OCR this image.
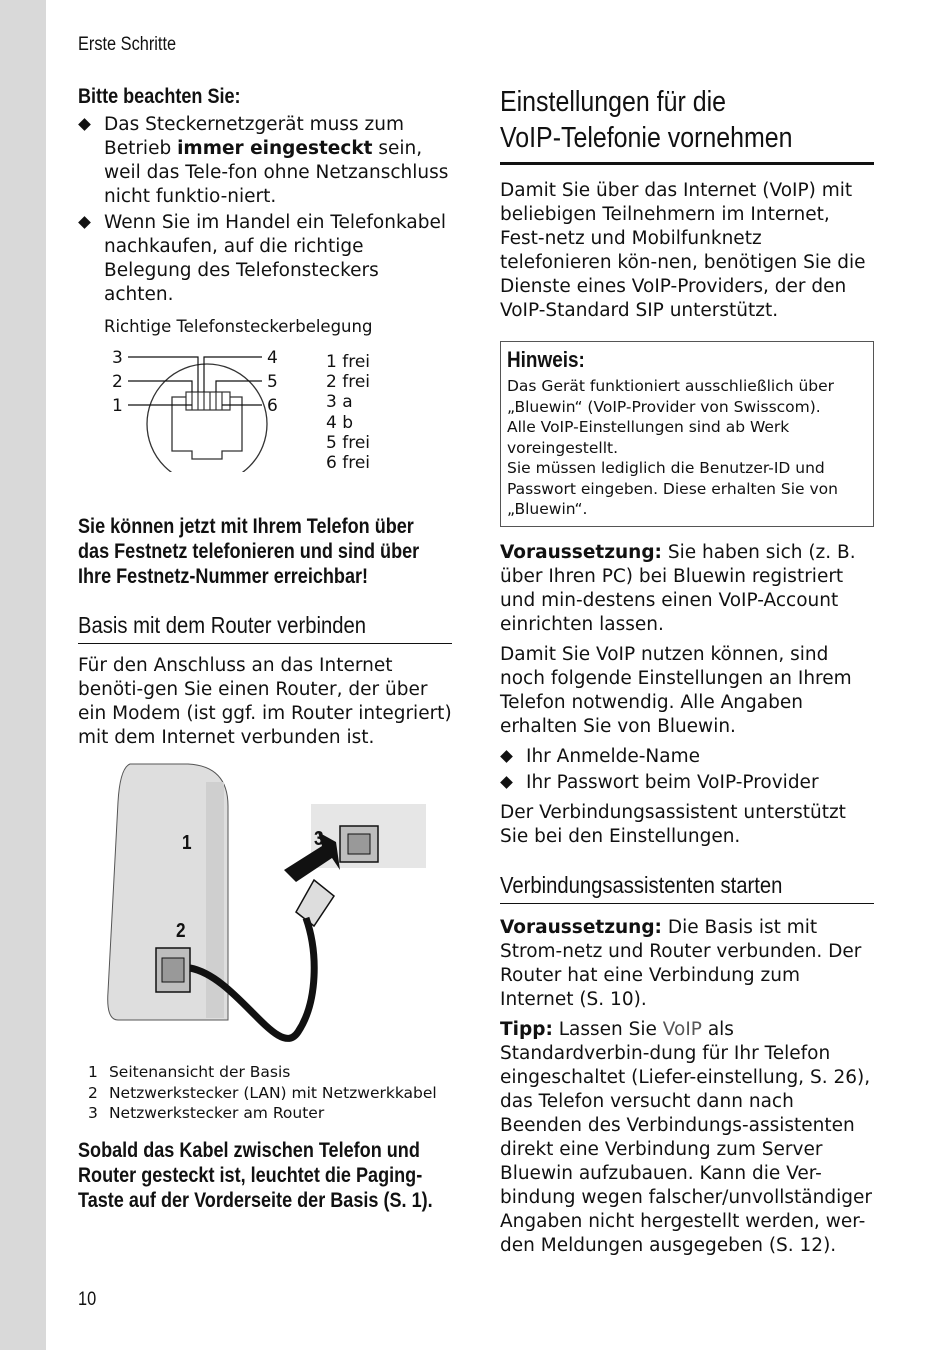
Erste Schritte
Bitte beachten Sie:
Das Steckernetzgerät muss zum Betrieb immer eingesteckt sein, weil das Tele-fon ohne Netzanschluss nicht funktio-niert.
Wenn Sie im Handel ein Telefonkabel nachkaufen, auf die richtige Belegung des Telefonsteckers achten.
Richtige Telefonsteckerbelegung
3
2
1
4
5
6
1 frei
2 frei
3 a
4 b
5 frei
6 frei
Sie können jetzt mit Ihrem Telefon über das Festnetz telefonieren und sind über Ihre Festnetz-Nummer erreichbar!
Basis mit dem Router verbinden

Für den Anschluss an das Internet benöti-gen Sie einen Router, der über ein Modem (ist ggf. im Router integriert) mit dem Internet verbunden ist.

1
2
3
1 Seitenansicht der Basis
2 Netzwerkstecker (LAN) mit Netzwerkkabel
3 Netzwerkstecker am Router
Sobald das Kabel zwischen Telefon und Router gesteckt ist, leuchtet die Paging-Taste auf der Vorderseite der Basis (S. 1).
Einstellungen für die
VoIP-Telefonie vornehmen

Damit Sie über das Internet (VoIP) mit beliebigen Teilnehmern im Internet, Fest-netz und Mobilfunknetz telefonieren kön-nen, benötigen Sie die Dienste eines VoIP-Providers, der den VoIP-Standard SIP unterstützt.

Hinweis:

Das Gerät funktioniert ausschließlich über „Bluewin“ (VoIP-Provider von Swisscom).

Alle VoIP-Einstellungen sind ab Werk voreingestellt.

Sie müssen lediglich die Benutzer-ID und Passwort eingeben. Diese erhalten Sie von „Bluewin“.

Voraussetzung: Sie haben sich (z. B. über Ihren PC) bei Bluewin registriert und min-destens einen VoIP-Account einrichten lassen.

Damit Sie VoIP nutzen können, sind noch folgende Einstellungen an Ihrem Telefon notwendig. Alle Angaben erhalten Sie von Bluewin.

Ihr Anmelde-Name
Ihr Passwort beim VoIP-Provider

Der Verbindungsassistent unterstützt Sie bei den Einstellungen.

Verbindungsassistenten starten

Voraussetzung: Die Basis ist mit Strom-netz und Router verbunden. Der Router hat eine Verbindung zum Internet (S. 10).

Tipp: Lassen Sie VoIP als Standardverbin-dung für Ihr Telefon eingeschaltet (Liefer-einstellung, S. 26), das Telefon versucht dann nach Beenden des Verbindungs-assistenten direkt eine Verbindung zum Server Bluewin aufzubauen. Kann die Ver-bindung wegen falscher/unvollständiger Angaben nicht hergestellt werden, wer-den Meldungen ausgegeben (S. 12).

10
